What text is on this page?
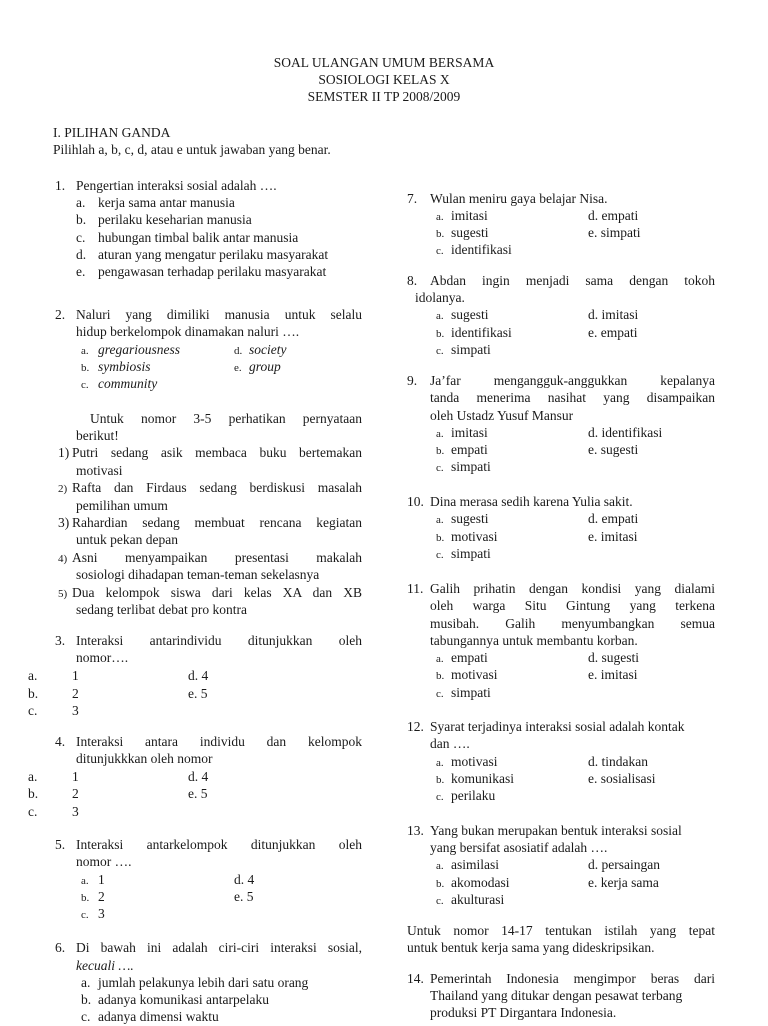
SOAL ULANGAN UMUM BERSAMA
SOSIOLOGI KELAS X
SEMSTER II TP 2008/2009
I. PILIHAN GANDA
Pilihlah a, b, c, d, atau e untuk jawaban yang benar.
1. Pengertian interaksi sosial adalah ….
a. kerja sama antar manusia
b. perilaku keseharian manusia
c. hubungan timbal balik antar manusia
d. aturan yang mengatur perilaku masyarakat
e. pengawasan terhadap perilaku masyarakat
2. Naluri yang dimiliki manusia untuk selalu
hidup berkelompok dinamakan naluri ….
a. gregariousness
b. symbiosis
c. community
d. society
e. group
Untuk nomor 3-5 perhatikan pernyataan
berikut!
1) Putri sedang asik membaca buku bertemakan
motivasi
2) Rafta dan Firdaus sedang berdiskusi masalah
pemilihan umum
3) Rahardian sedang membuat rencana kegiatan
untuk pekan depan
4) Asni menyampaikan presentasi makalah
sosiologi dihadapan teman-teman sekelasnya
5) Dua kelompok siswa dari kelas XA dan XB
sedang terlibat debat pro kontra
3. Interaksi antarindividu ditunjukkan oleh
nomor….
a.	1
b.	2
c.	3
d. 4
e. 5
4. Interaksi antara individu dan kelompok
ditunjukkkan oleh nomor
a.	1
b.	2
c.	3
d. 4
e. 5
5. Interaksi antarkelompok ditunjukkan oleh
nomor ….
a. 1
b. 2
c. 3
d. 4
e. 5
6. Di bawah ini adalah ciri-ciri interaksi sosial,
kecuali ….
a. jumlah pelakunya lebih dari satu orang
b. adanya komunikasi antarpelaku
c. adanya dimensi waktu
7. Wulan meniru gaya belajar Nisa.
a. imitasi
b. sugesti
c. identifikasi
d. empati
e. simpati
8. Abdan ingin menjadi sama dengan tokoh
idolanya.
a. sugesti
b. identifikasi
c. simpati
d. imitasi
e. empati
9. Ja’far mengangguk-anggukkan kepalanya
tanda menerima nasihat yang disampaikan
oleh Ustadz Yusuf Mansur
a. imitasi
b. empati
c. simpati
d. identifikasi
e. sugesti
10. Dina merasa sedih karena Yulia sakit.
a. sugesti
b. motivasi
c. simpati
d. empati
e. imitasi
11. Galih prihatin dengan kondisi yang dialami
oleh warga Situ Gintung yang terkena
musibah. Galih menyumbangkan semua
tabungannya untuk membantu korban.
a. empati
b. motivasi
c. simpati
d. sugesti
e. imitasi
12. Syarat terjadinya interaksi sosial adalah kontak
dan ….
a. motivasi
b. komunikasi
c. perilaku
d. tindakan
e. sosialisasi
13. Yang bukan merupakan bentuk interaksi sosial
yang bersifat asosiatif adalah ….
a. asimilasi
b. akomodasi
c. akulturasi
d. persaingan
e. kerja sama
Untuk nomor 14-17 tentukan istilah yang tepat
untuk bentuk kerja sama yang dideskripsikan.
14. Pemerintah Indonesia mengimpor beras dari
Thailand yang ditukar dengan pesawat terbang
produksi PT Dirgantara Indonesia.
